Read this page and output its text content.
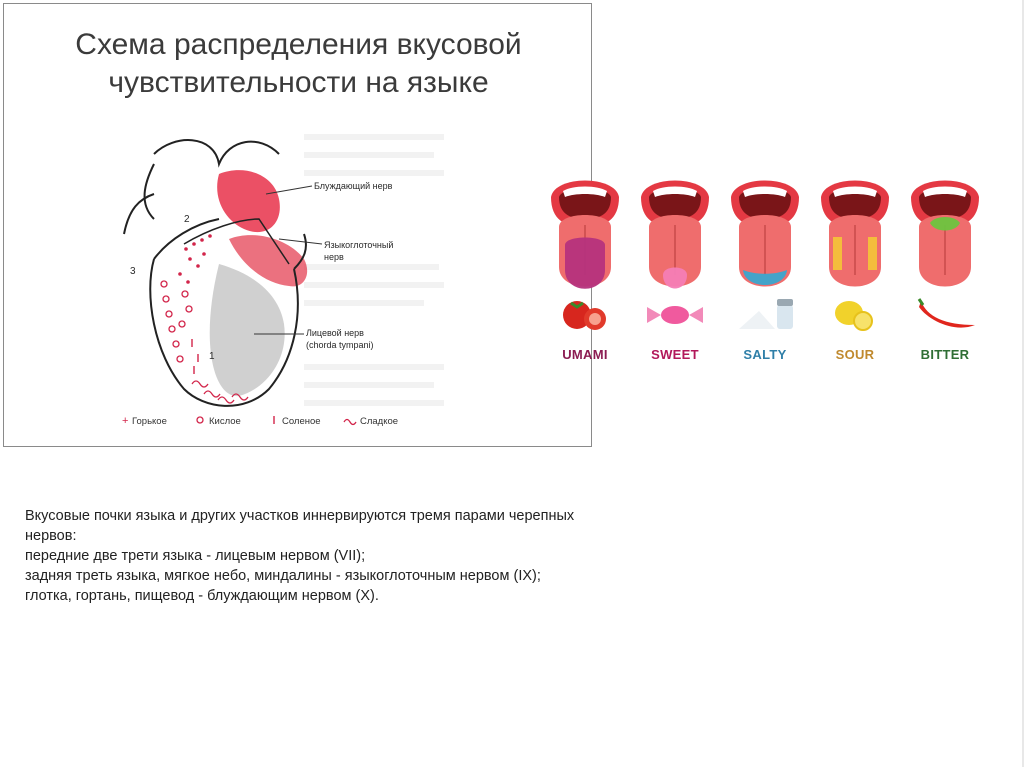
Схема распределения вкусовой
чувствительности на языке
Блуждающий нерв
Языкоглоточный
нерв
Лицевой нерв
(chorda tympani)
1
2
3
+ Горькое	Кислое	Соленое	Сладкое
UMAMI	SWEET	SALTY	SOUR	BITTER
Вкусовые почки языка и других участков иннервируются тремя парами черепных
нервов:
передние две трети языка - лицевым нервом (VII);
задняя треть языка, мягкое небо, миндалины - языкоглоточным нервом (IX);
глотка, гортань, пищевод - блуждающим нервом (X).
